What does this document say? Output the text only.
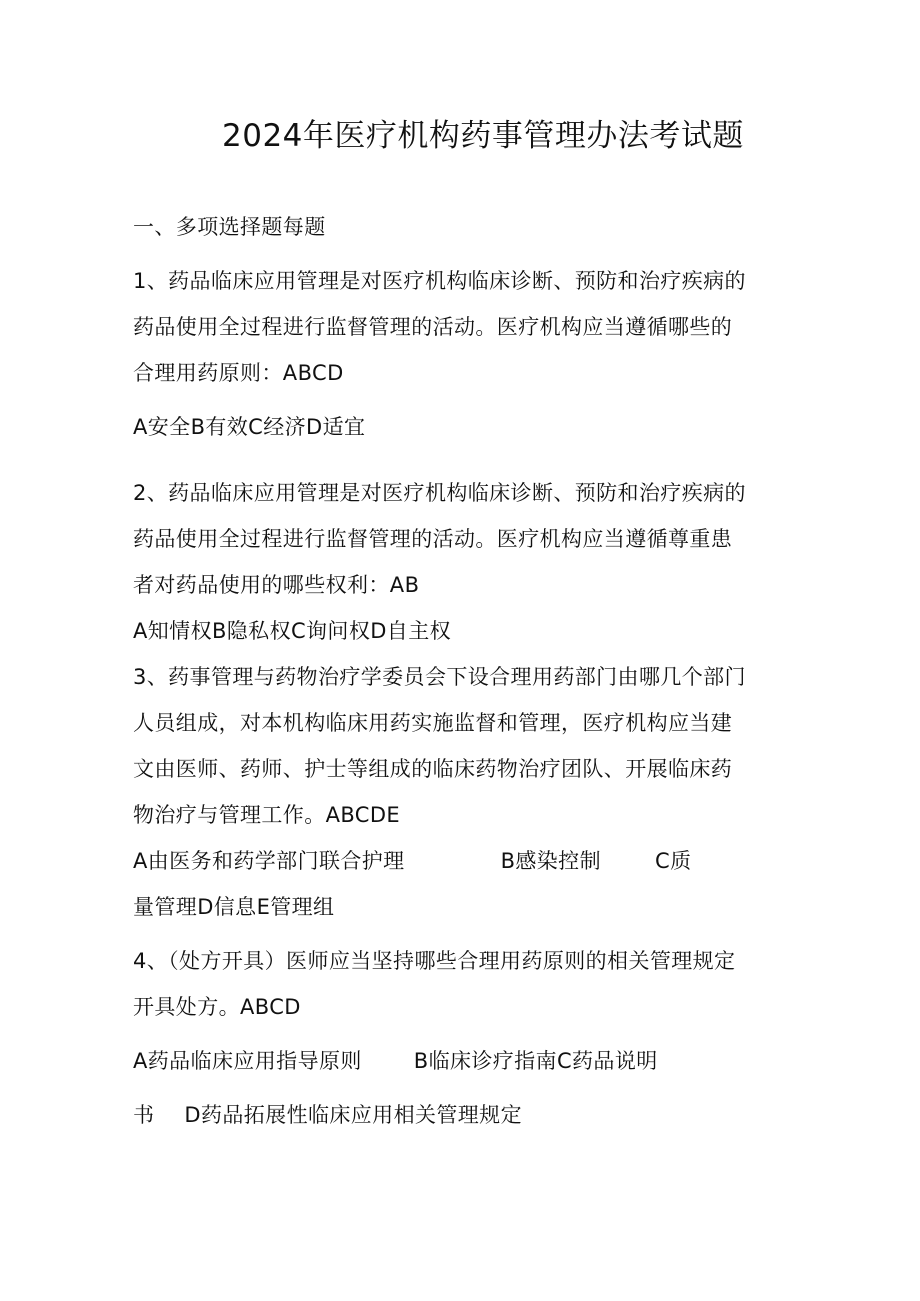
2024年医疗机构药事管理办法考试题
一、多项选择题每题
1、药品临床应用管理是对医疗机构临床诊断、预防和治疗疾病的
药品使用全过程进行监督管理的活动。医疗机构应当遵循哪些的
合理用药原则：ABCD
A安全B有效C经济D适宜
2、药品临床应用管理是对医疗机构临床诊断、预防和治疗疾病的
药品使用全过程进行监督管理的活动。医疗机构应当遵循尊重患
者对药品使用的哪些权利：AB
A知情权B隐私权C询问权D自主权
3、药事管理与药物治疗学委员会下设合理用药部门由哪几个部门
人员组成，对本机构临床用药实施监督和管理，医疗机构应当建
文由医师、药师、护士等组成的临床药物治疗团队、开展临床药
物治疗与管理工作。ABCDE
A由医务和药学部门联合护理	B感染控制	C质
量管理D信息E管理组
4、（处方开具）医师应当坚持哪些合理用药原则的相关管理规定
开具处方。ABCD
A药品临床应用指导原则 B临床诊疗指南C药品说明
书 D药品拓展性临床应用相关管理规定
